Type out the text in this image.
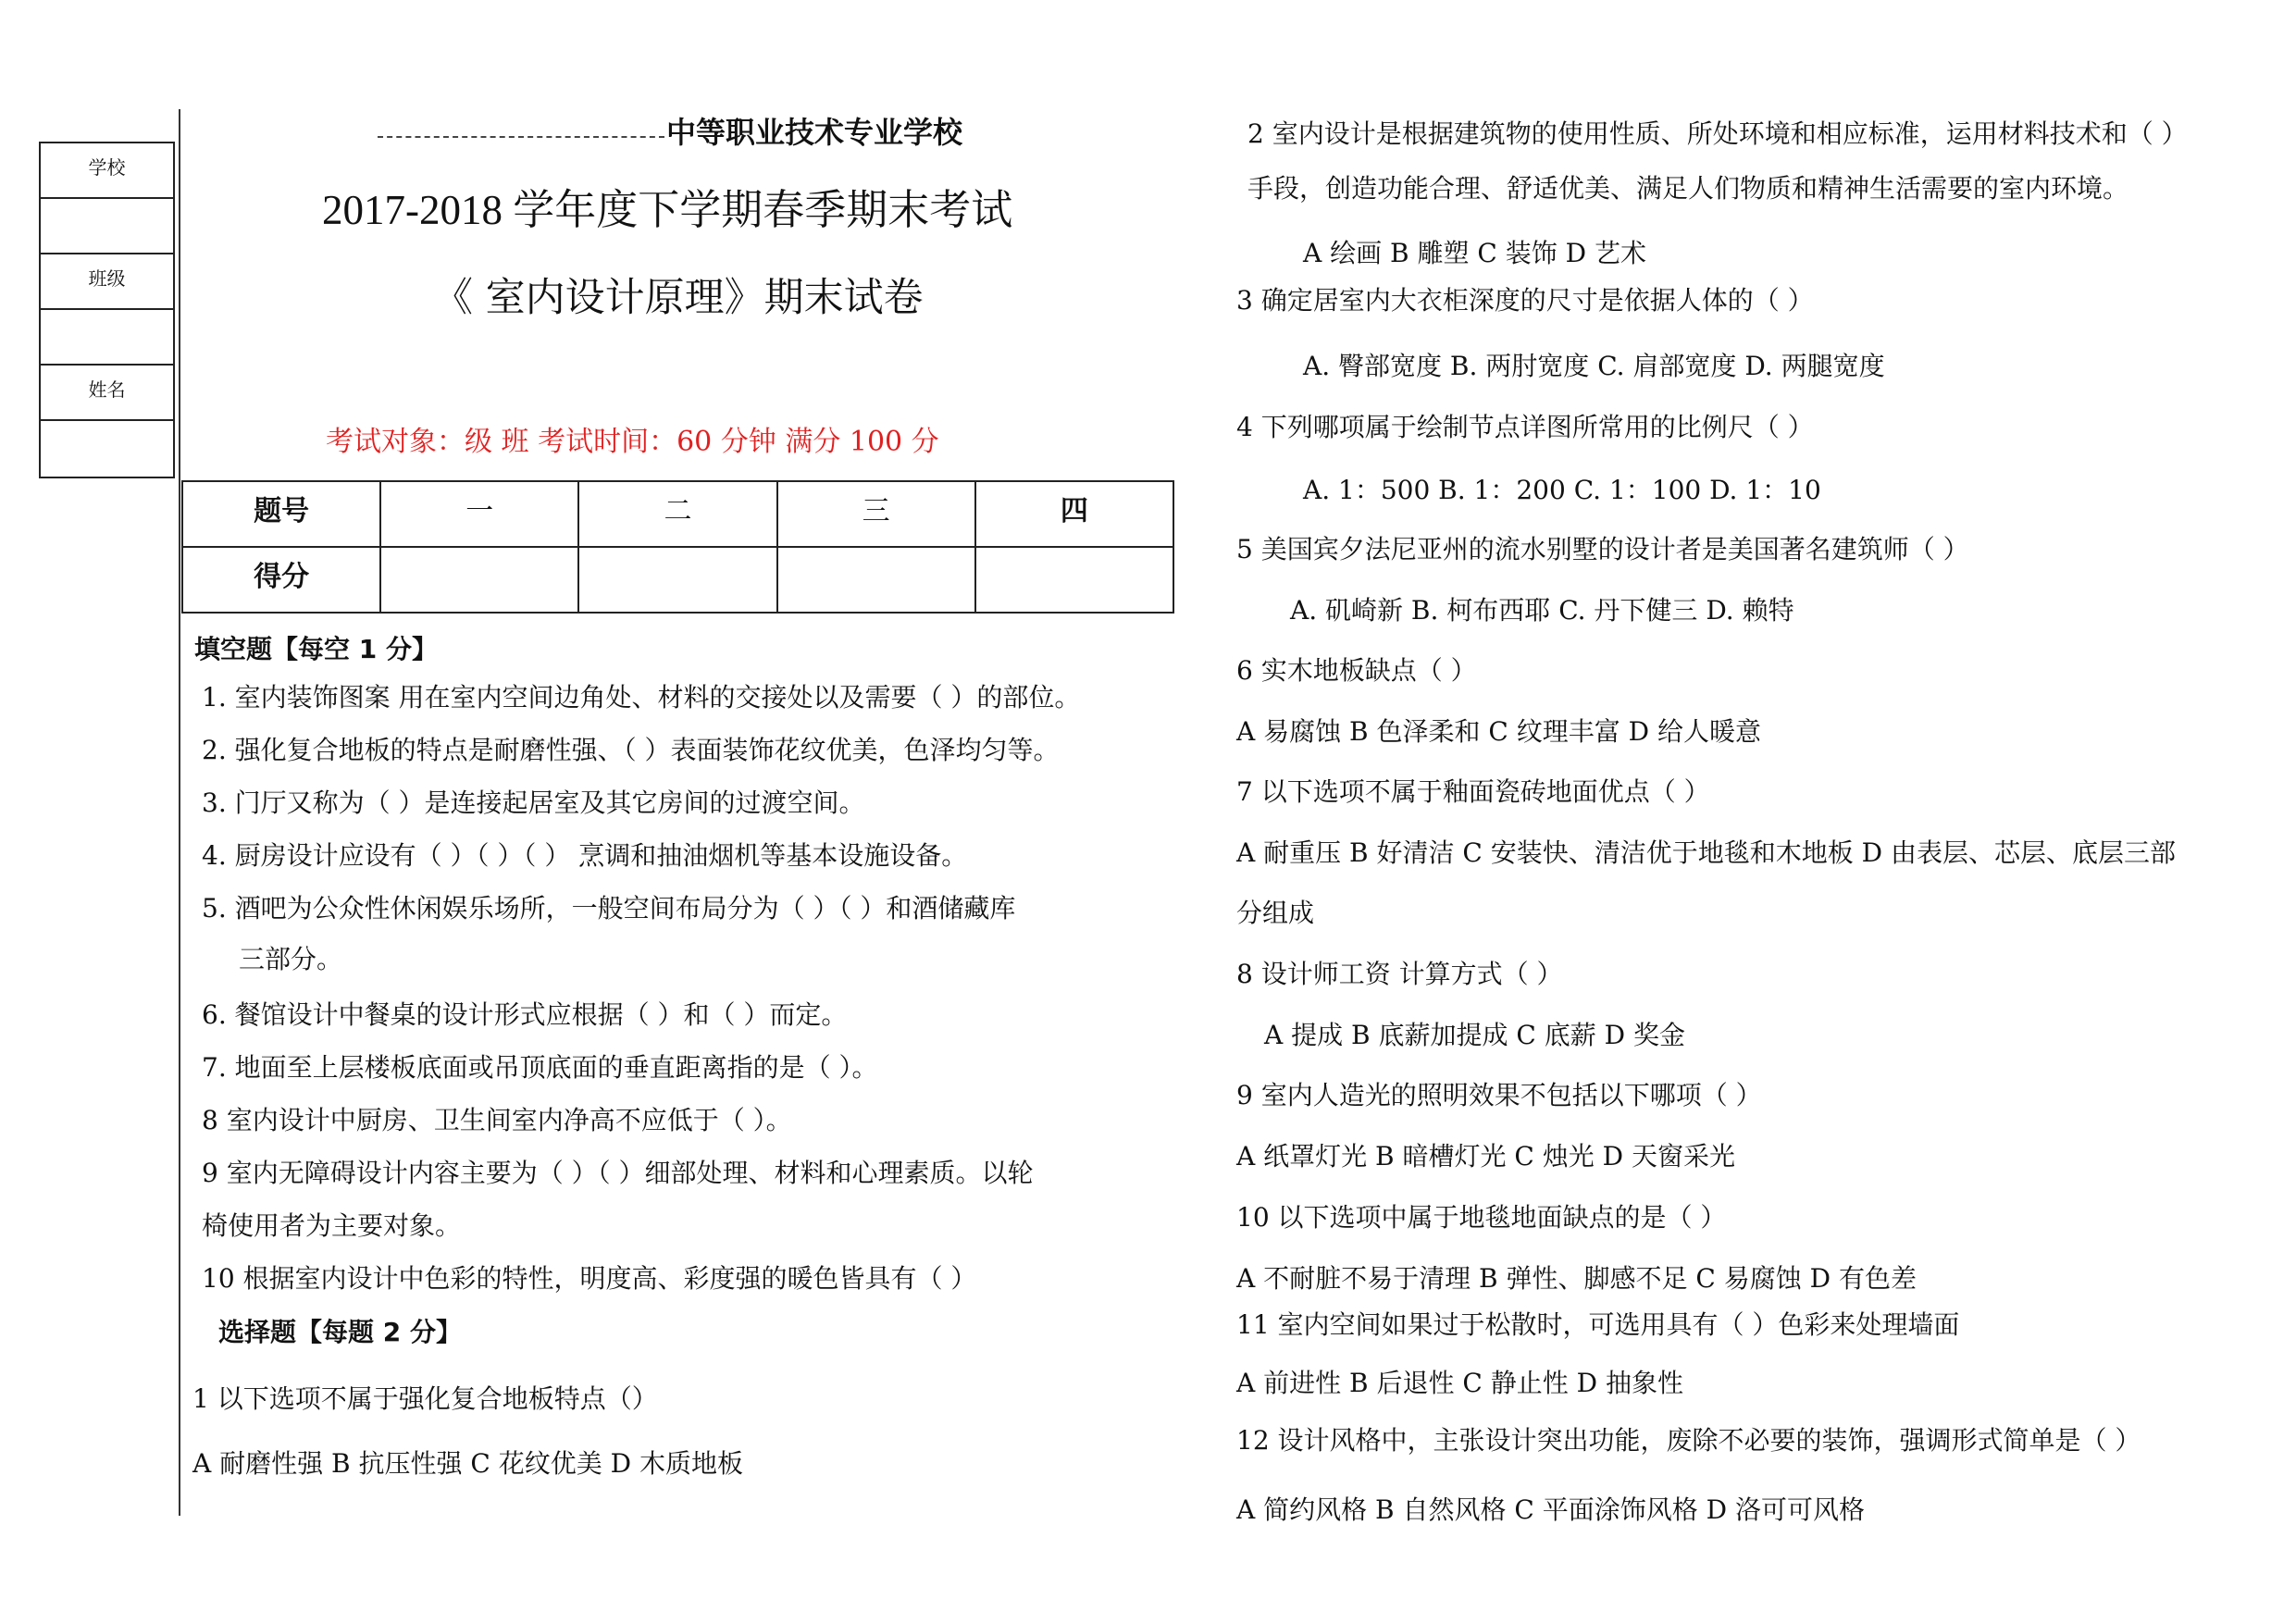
学校
班级
姓名
中等职业技术专业学校
2017-2018 学年度下学期春季期末考试
《 室内设计原理》期末试卷
考试对象：级 班 考试时间：60 分钟 满分 100 分
题号	一	二	三	四
得分				
填空题【每空 1 分】
1. 室内装饰图案 用在室内空间边角处、材料的交接处以及需要（ ）的部位。
2. 强化复合地板的特点是耐磨性强、（ ）表面装饰花纹优美，色泽均匀等。
3. 门厅又称为（ ）是连接起居室及其它房间的过渡空间。
4. 厨房设计应设有（ ）（ ）（ ） 烹调和抽油烟机等基本设施设备。
5. 酒吧为公众性休闲娱乐场所，一般空间布局分为（ ）（ ）和酒储藏库
三部分。
6. 餐馆设计中餐桌的设计形式应根据（ ）和（ ）而定。
7. 地面至上层楼板底面或吊顶底面的垂直距离指的是（ ）。
8 室内设计中厨房、卫生间室内净高不应低于（ ）。
9 室内无障碍设计内容主要为（ ）（ ）细部处理、材料和心理素质。以轮
椅使用者为主要对象。
10 根据室内设计中色彩的特性，明度高、彩度强的暖色皆具有（ ）
选择题【每题 2 分】
1 以下选项不属于强化复合地板特点（）
A 耐磨性强 B 抗压性强 C 花纹优美 D 木质地板
2 室内设计是根据建筑物的使用性质、所处环境和相应标准，运用材料技术和（ ）
手段，创造功能合理、舒适优美、满足人们物质和精神生活需要的室内环境。
A 绘画 B 雕塑 C 装饰 D 艺术
3 确定居室内大衣柜深度的尺寸是依据人体的（ ）
A. 臀部宽度 B. 两肘宽度 C. 肩部宽度 D. 两腿宽度
4 下列哪项属于绘制节点详图所常用的比例尺（ ）
A. 1：500 B. 1：200 C. 1：100 D. 1：10
5 美国宾夕法尼亚州的流水别墅的设计者是美国著名建筑师（ ）
A. 矶崎新 B. 柯布西耶 C. 丹下健三 D. 赖特
6 实木地板缺点（ ）
A 易腐蚀 B 色泽柔和 C 纹理丰富 D 给人暖意
7 以下选项不属于釉面瓷砖地面优点（ ）
A 耐重压 B 好清洁 C 安装快、清洁优于地毯和木地板 D 由表层、芯层、底层三部
分组成
8 设计师工资 计算方式（ ）
A 提成 B 底薪加提成 C 底薪 D 奖金
9 室内人造光的照明效果不包括以下哪项（ ）
A 纸罩灯光 B 暗槽灯光 C 烛光 D 天窗采光
10 以下选项中属于地毯地面缺点的是（ ）
A 不耐脏不易于清理 B 弹性、脚感不足 C 易腐蚀 D 有色差
11 室内空间如果过于松散时，可选用具有（ ）色彩来处理墙面
A 前进性 B 后退性 C 静止性 D 抽象性
12 设计风格中，主张设计突出功能，废除不必要的装饰，强调形式简单是（ ）
A 简约风格 B 自然风格 C 平面涂饰风格 D 洛可可风格
